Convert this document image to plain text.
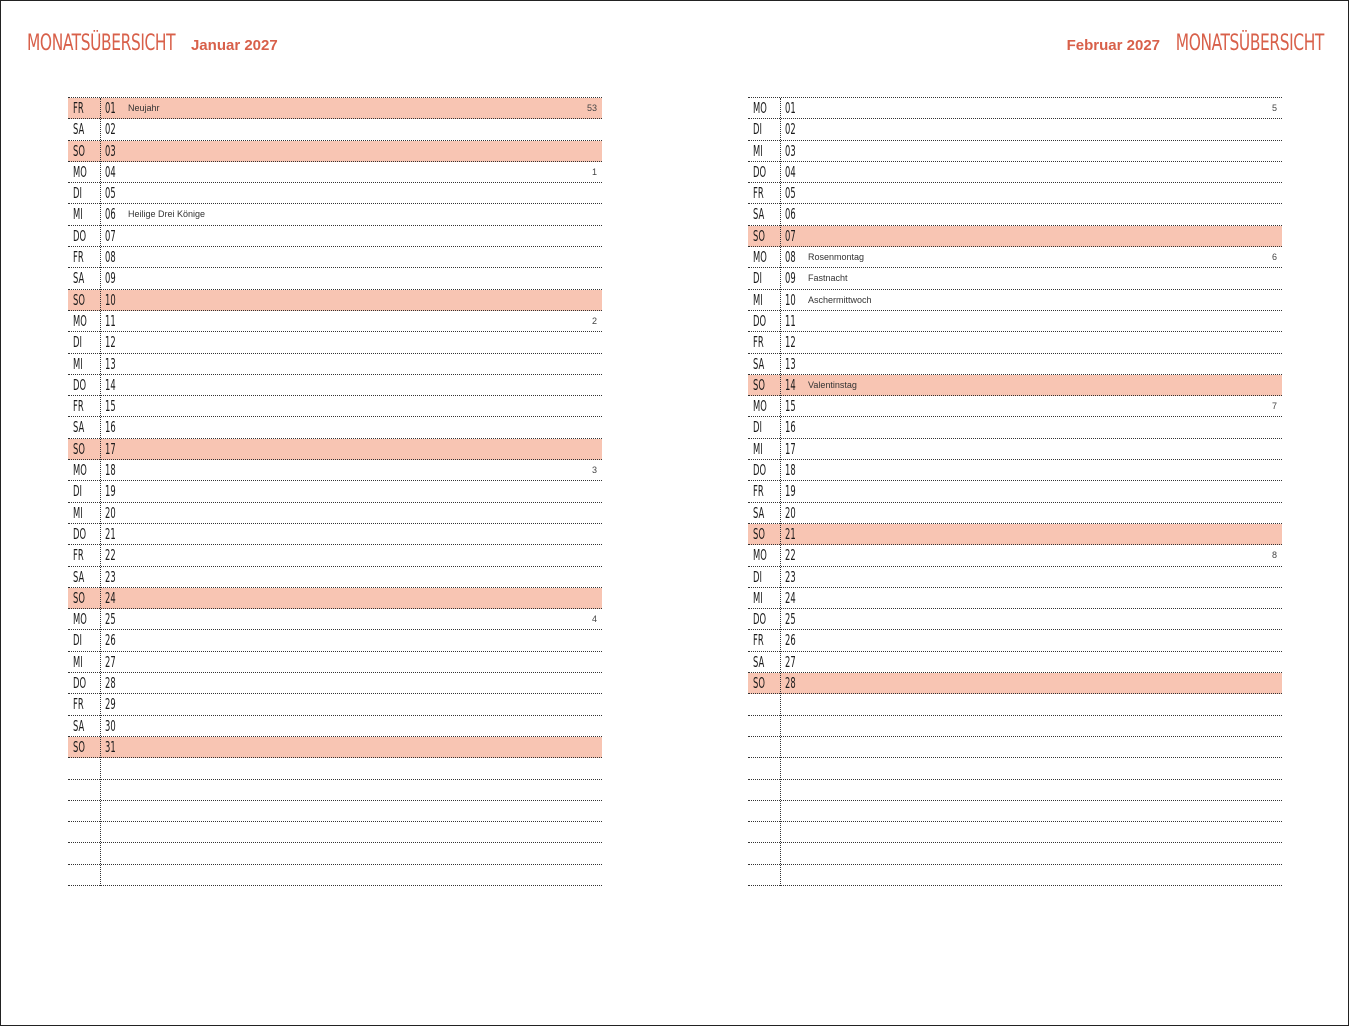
MONATSÜBERSICHT Januar 2027	Februar 2027 MONATSÜBERSICHT
FR 01 Neujahr	53
SA 02
SO 03
MO 04	1
DI 05
MI 06 Heilige Drei Könige
DO 07
FR 08
SA 09
SO 10
MO 11	2
DI 12
MI 13
DO 14
FR 15
SA 16
SO 17
MO 18	3
DI 19
MI 20
DO 21
FR 22
SA 23
SO 24
MO 25	4
DI 26
MI 27
DO 28
FR 29
SA 30
SO 31
MO 01	5
DI 02
MI 03
DO 04
FR 05
SA 06
SO 07
MO 08 Rosenmontag	6
DI 09 Fastnacht
MI 10 Aschermittwoch
DO 11
FR 12
SA 13
SO 14 Valentinstag
MO 15	7
DI 16
MI 17
DO 18
FR 19
SA 20
SO 21
MO 22	8
DI 23
MI 24
DO 25
FR 26
SA 27
SO 28
